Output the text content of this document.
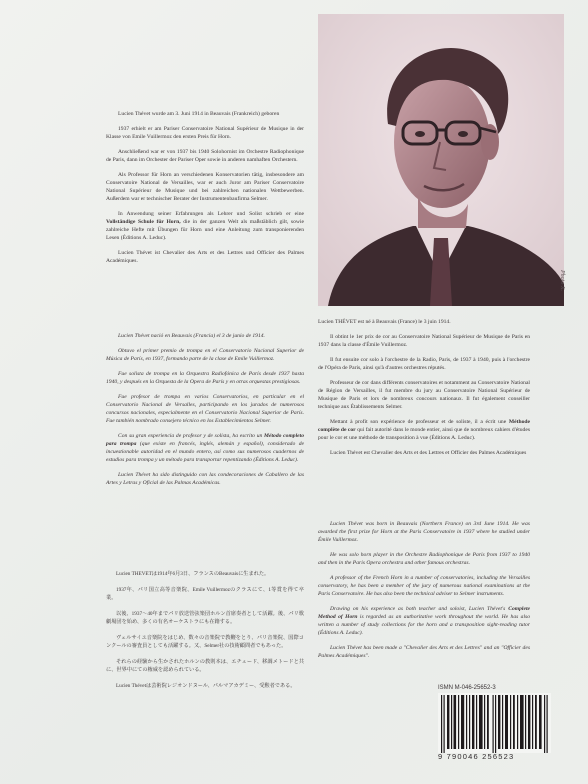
Lucien Thévet wurde am 3. Juni 1914 in Beauvais (Frankreich) geboren

1937 erhielt er am Pariser Conservatoire National Supérieur de Musique in der Klasse von Emile Vuillermoz den ersten Preis für Horn.

Anschließend war er von 1937 bis 1940 Solohornist im Orchestre Radiophonique de Paris, dann im Orchester der Pariser Oper sowie in anderen namhaften Orchestern.

Als Professor für Horn an verschiedenen Konservatorien tätig, insbesondere am Conservatoire National de Versailles, war er auch Juror am Pariser Conservatoire National Supérieur de Musique und bei zahlreichen nationalen Wettbewerben. Außerdem war er technischer Berater der Instrumentenbaufirma Selmer.

In Anwendung seiner Erfahrungen als Lehrer und Solist schrieb er eine Vollständige Schule für Horn, die in der ganzen Welt als maßstäblich gilt, sowie zahlreiche Hefte mit Übungen für Horn und eine Anleitung zum transponierenden Lesen (Éditions A. Leduc).

Lucien Thévet ist Chevalier des Arts et des Lettres und Officier des Palmes Académiques.

Lucien Thévet nació en Beauvais (Francia) el 3 de junio de 1914.

Obtuvo el primer premio de trompa en el Conservatorio Nacional Superior de Música de París, en 1937, formando parte de la clase de Emile Vuillermoz.

Fue solista de trompa en la Orquestra Radiofónica de París desde 1937 hasta 1940, y después en la Orquesta de la Opera de París y en otras orquestas prestigiosas.

Fue profesor de trompa en varios Conservatorios, en particular en el Conservatorio Nacional de Versalles, participando en los jurados de numerosos concursos nacionales, especialmente en el Conservatorio Nacional Superior de París. Fue también nombrado consejero técnico en los Establecimientos Selmer.

Con su gran experiencia de profesor y de solista, ha escrito un Método completo para trompa (que existe en francés, inglés, alemán y español), considerado de incuestionable autoridad en el mundo entero, así como sus numerosos cuadernos de estudios para trompa y un método para transportar repentizando (Éditions A. Leduc).

Lucien Thévet ha sido distinguido con las condecoraciones de Caballero de las Artes y Letras y Oficial de las Palmas Académicas.

Lucien THEVETは1914年6月3日、フランスのBeauvaisに生まれた。

1937年、パリ国立高等音楽院、Emile Vuillermozのクラスにて、1等賞を得て卒業。

以後、1937〜40年までパリ放送管弦楽団ホルン首席奏者として活躍。後、パリ歌劇場団を始め、多くの有名オーケストラにも在籍する。

ヴェルサイユ音楽院をはじめ、数々の音楽院で教鞭をとり、パリ音楽院、国際コンクールの審査員としても活躍する。又、Selmer社の技術顧問者でもあった。

それらの経験から生かされたホルンの教則本は、エチュード、移調メトードと共に、世界中にての権威を認められている。

Lucien Thévetは芸術院レジオンドヌール、パルマアカデミー、受勲者である。

Photo X.

Lucien THÉVET est né à Beauvais (France) le 3 juin 1914.

Il obtint le 1er prix de cor au Conservatoire National Supérieur de Musique de Paris en 1937 dans la classe d'Émile Vuillermoz.

Il fut ensuite cor solo à l'orchestre de la Radio, Paris, de 1937 à 1940, puis à l'orchestre de l'Opéra de Paris, ainsi qu'à d'autres orchestres réputés.

Professeur de cor dans différents conservatoires et notamment au Conservatoire National de Région de Versailles, il fut membre du jury au Conservatoire National Supérieur de Musique de Paris et lors de nombreux concours nationaux. Il fut également conseiller technique aux Établissements Selmer.

Mettant à profit son expérience de professeur et de soliste, il a écrit une Méthode complète de cor qui fait autorité dans le monde entier, ainsi que de nombreux cahiers d'études pour le cor et une méthode de transposition à vue (Éditions A. Leduc).

Lucien Thévet est Chevalier des Arts et des Lettres et Officier des Palmes Académiques

Lucien Thévet was born in Beauvais (Northern France) on 3rd June 1914. He was awarded the first prize for Horn at the Paris Conservatoire in 1937 where he studied under Émile Vuillermoz.

He was solo horn player in the Orchestre Radiophonique de Paris from 1937 to 1940 and then in the Paris Opera orchestra and other famous orchestras.

A professor of the French Horn in a number of conservatories, including the Versailles conservatory, he has been a member of the jury of numerous national examinations at the Paris Conservatoire. He has also been the technical adviser to Selmer instruments.

Drawing on his experience as both teacher and soloist, Lucien Thévet's Complete Method of Horn is regarded as an authoritative work throughout the world. He has also written a number of study collections for the horn and a transposition sight-reading tutor (Éditions A. Leduc).

Lucien Thévet has been made a "Chevalier des Arts et des Lettres" and an "Officier des Palmes Académiques".

ISMN M-046-25652-3
9 790046 256523
